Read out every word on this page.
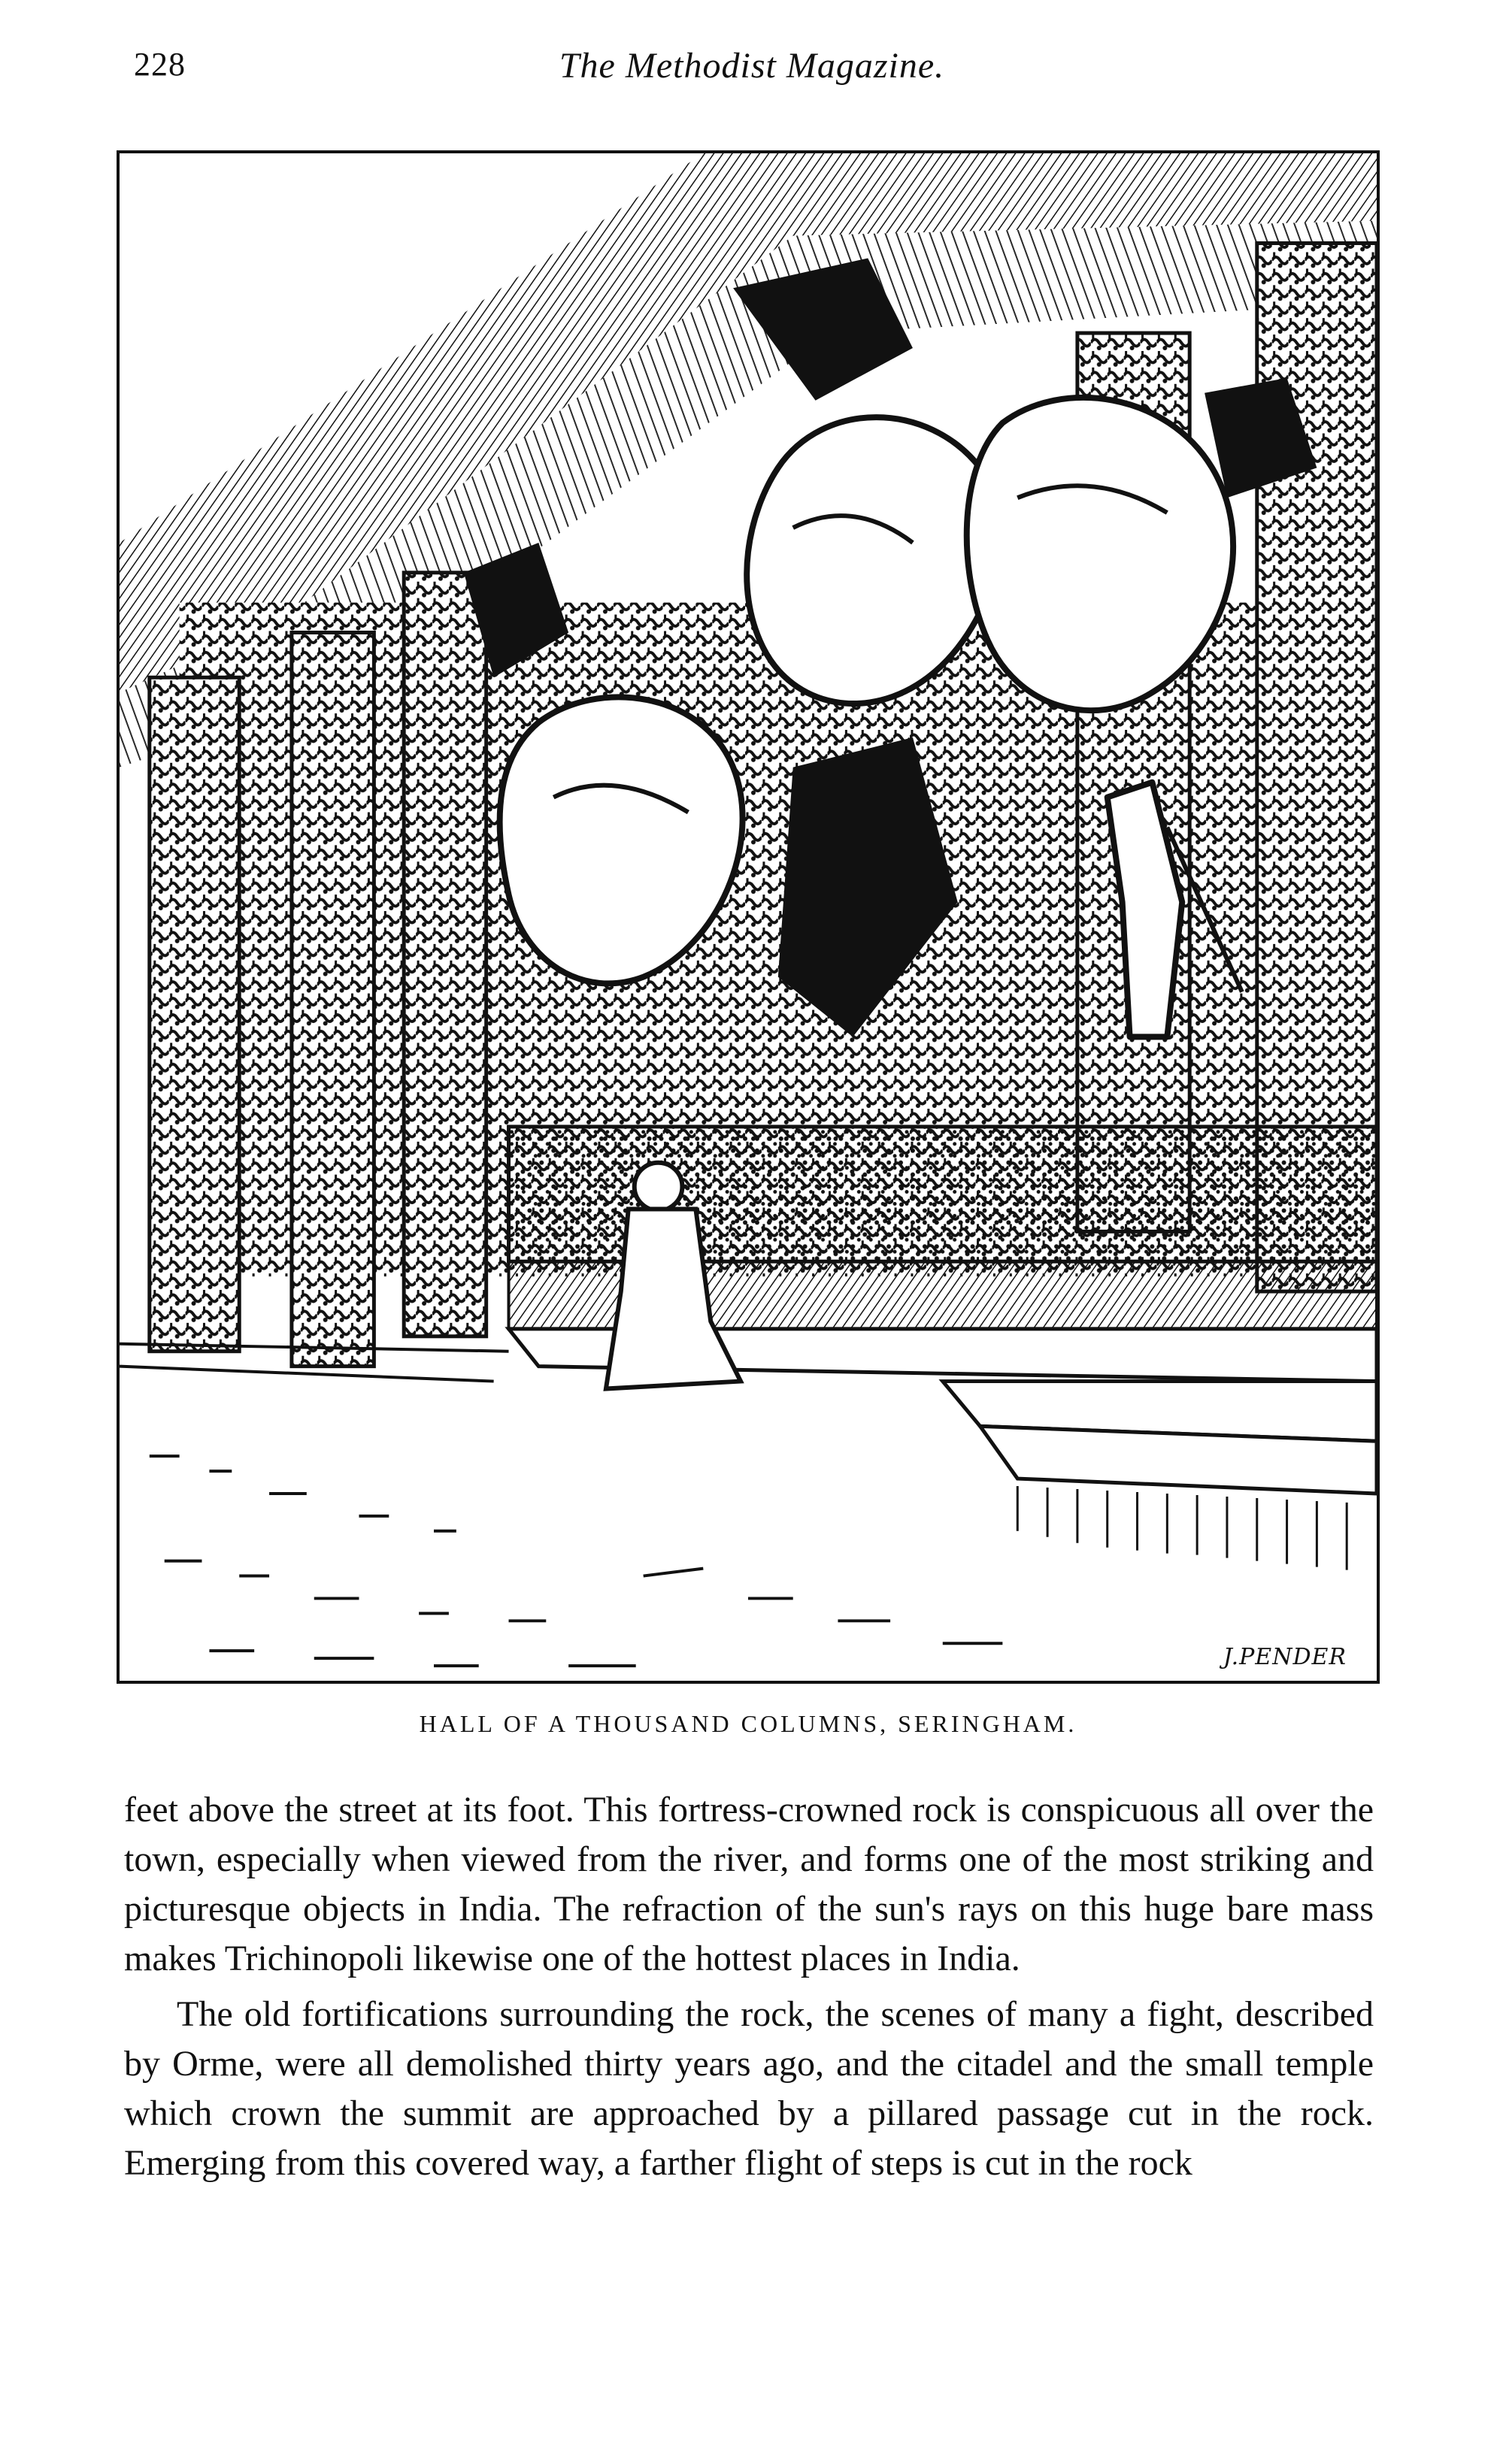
228	The Methodist Magazine.
J.PENDER
HALL OF A THOUSAND COLUMNS, SERINGHAM.

feet above the street at its foot. This fortress-crowned rock is conspicuous all over the town, especially when viewed from the river, and forms one of the most striking and picturesque objects in India. The refraction of the sun's rays on this huge bare mass makes Trichinopoli likewise one of the hottest places in India.

The old fortifications surrounding the rock, the scenes of many a fight, described by Orme, were all demolished thirty years ago, and the citadel and the small temple which crown the summit are approached by a pillared passage cut in the rock. Emerging from this covered way, a farther flight of steps is cut in the rock
